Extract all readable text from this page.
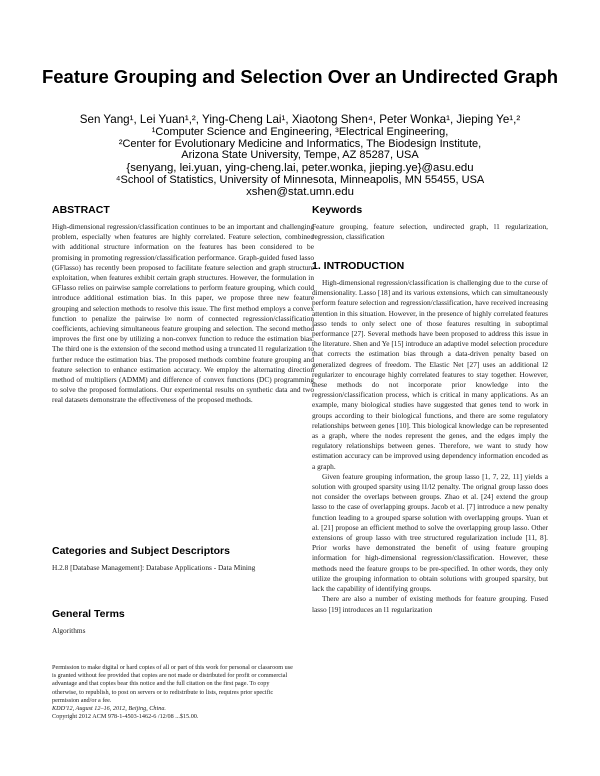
Feature Grouping and Selection Over an Undirected Graph
Sen Yang¹, Lei Yuan¹,², Ying-Cheng Lai¹, Xiaotong Shen⁴, Peter Wonka¹, Jieping Ye¹,²
¹Computer Science and Engineering, ³Electrical Engineering,
²Center for Evolutionary Medicine and Informatics, The Biodesign Institute,
Arizona State University, Tempe, AZ 85287, USA
{senyang, lei.yuan, ying-cheng.lai, peter.wonka, jieping.ye}@asu.edu
⁴School of Statistics, University of Minnesota, Minneapolis, MN 55455, USA
xshen@stat.umn.edu
ABSTRACT

High-dimensional regression/classification continues to be an important and challenging problem, especially when features are highly correlated. Feature selection, combined with additional structure information on the features has been considered to be promising in promoting regression/classification performance. Graph-guided fused lasso (GFlasso) has recently been proposed to facilitate feature selection and graph structure exploitation, when features exhibit certain graph structures. However, the formulation in GFlasso relies on pairwise sample correlations to perform feature grouping, which could introduce additional estimation bias. In this paper, we propose three new feature grouping and selection methods to resolve this issue. The first method employs a convex function to penalize the pairwise l∞ norm of connected regression/classification coefficients, achieving simultaneous feature grouping and selection. The second method improves the first one by utilizing a non-convex function to reduce the estimation bias. The third one is the extension of the second method using a truncated l1 regularization to further reduce the estimation bias. The proposed methods combine feature grouping and feature selection to enhance estimation accuracy. We employ the alternating direction method of multipliers (ADMM) and difference of convex functions (DC) programming to solve the proposed formulations. Our experimental results on synthetic data and two real datasets demonstrate the effectiveness of the proposed methods.

Categories and Subject Descriptors

H.2.8 [Database Management]: Database Applications - Data Mining

General Terms

Algorithms

Permission to make digital or hard copies of all or part of this work for personal or classroom use is granted without fee provided that copies are not made or distributed for profit or commercial advantage and that copies bear this notice and the full citation on the first page. To copy otherwise, to republish, to post on servers or to redistribute to lists, requires prior specific permission and/or a fee.

KDD'12, August 12–16, 2012, Beijing, China.

Copyright 2012 ACM 978-1-4503-1462-6 /12/08 ...$15.00.

Keywords

Feature grouping, feature selection, undirected graph, l1 regularization, regression, classification

1. INTRODUCTION

High-dimensional regression/classification is challenging due to the curse of dimensionality. Lasso [18] and its various extensions, which can simultaneously perform feature selection and regression/classification, have received increasing attention in this situation. However, in the presence of highly correlated features lasso tends to only select one of those features resulting in suboptimal performance [27]. Several methods have been proposed to address this issue in the literature. Shen and Ye [15] introduce an adaptive model selection procedure that corrects the estimation bias through a data-driven penalty based on generalized degrees of freedom. The Elastic Net [27] uses an additional l2 regularizer to encourage highly correlated features to stay together. However, these methods do not incorporate prior knowledge into the regression/classification process, which is critical in many applications. As an example, many biological studies have suggested that genes tend to work in groups according to their biological functions, and there are some regulatory relationships between genes [10]. This biological knowledge can be represented as a graph, where the nodes represent the genes, and the edges imply the regulatory relationships between genes. Therefore, we want to study how estimation accuracy can be improved using dependency information encoded as a graph.

Given feature grouping information, the group lasso [1, 7, 22, 11] yields a solution with grouped sparsity using l1/l2 penalty. The orignal group lasso does not consider the overlaps between groups. Zhao et al. [24] extend the group lasso to the case of overlapping groups. Jacob et al. [7] introduce a new penalty function leading to a grouped sparse solution with overlapping groups. Yuan et al. [21] propose an efficient method to solve the overlapping group lasso. Other extensions of group lasso with tree structured regularization include [11, 8]. Prior works have demonstrated the benefit of using feature grouping information for high-dimensional regression/classification. However, these methods need the feature groups to be pre-specified. In other words, they only utilize the grouping information to obtain solutions with grouped sparsity, but lack the capability of identifying groups.

There are also a number of existing methods for feature grouping. Fused lasso [19] introduces an l1 regularization
